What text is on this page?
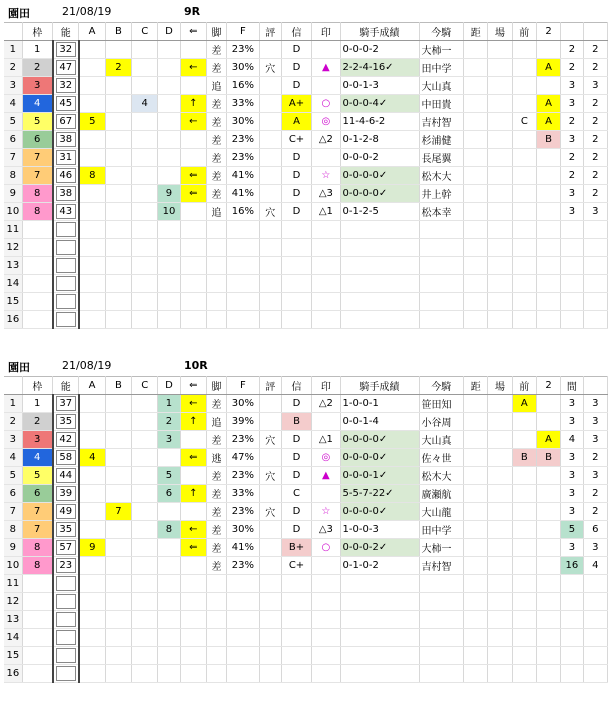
園田	21/08/19	9R
	枠	能	A	B	C	D	⇐	脚	F	評	信	印	騎手成績	今騎	距	場	前	2		
1	1	32						差	23%		D		0-0-0-2	大柿一					2	2
2	2	47		2			←	差	30%	穴	D	▲	2-2-4-16✓	田中学				A	2	2
3	3	32						追	16%		D		0-0-1-3	大山真					3	3
4	4	45			4		↑	差	33%		A+	○	0-0-0-4✓	中田貴				A	3	2
5	5	67	5				←	差	30%		A	◎	11-4-6-2	吉村智			C	A	2	2
6	6	38						差	23%		C+	△2	0-1-2-8	杉浦健				B	3	2
7	7	31						差	23%		D		0-0-0-2	長尾翼					2	2
8	7	46	8				⇐	差	41%		D	☆	0-0-0-0✓	松木大					2	2
9	8	38				9	⇐	差	41%		D	△3	0-0-0-0✓	井上幹					3	2
10	8	43				10		追	16%	穴	D	△1	0-1-2-5	松本幸					3	3
11		

12		

13		

14		

15		

16		

園田	21/08/19	10R
	枠	能	A	B	C	D	⇐	脚	F	評	信	印	騎手成績	今騎	距	場	前	2	間	
1	1	37				1	←	差	30%		D	△2	1-0-0-1	笹田知			A		3	3
2	2	35				2	↑	追	39%		B		0-0-1-4	小谷周					3	3
3	3	42				3		差	23%	穴	D	△1	0-0-0-0✓	大山真				A	4	3
4	4	58	4				⇐	逃	47%		D	◎	0-0-0-0✓	佐々世			B	B	3	2
5	5	44				5		差	23%	穴	D	▲	0-0-0-1✓	松木大					3	3
6	6	39				6	↑	差	33%		C		5-5-7-22✓	廣瀬航					3	2
7	7	49		7				差	23%	穴	D	☆	0-0-0-0✓	大山龍					3	2
8	7	35				8	←	差	30%		D	△3	1-0-0-3	田中学					5	6
9	8	57	9				⇐	差	41%		B+	○	0-0-0-2✓	大柿一					3	3
10	8	23						差	23%		C+		0-1-0-2	吉村智					16	4
11		

12		

13		

14		

15		

16		
